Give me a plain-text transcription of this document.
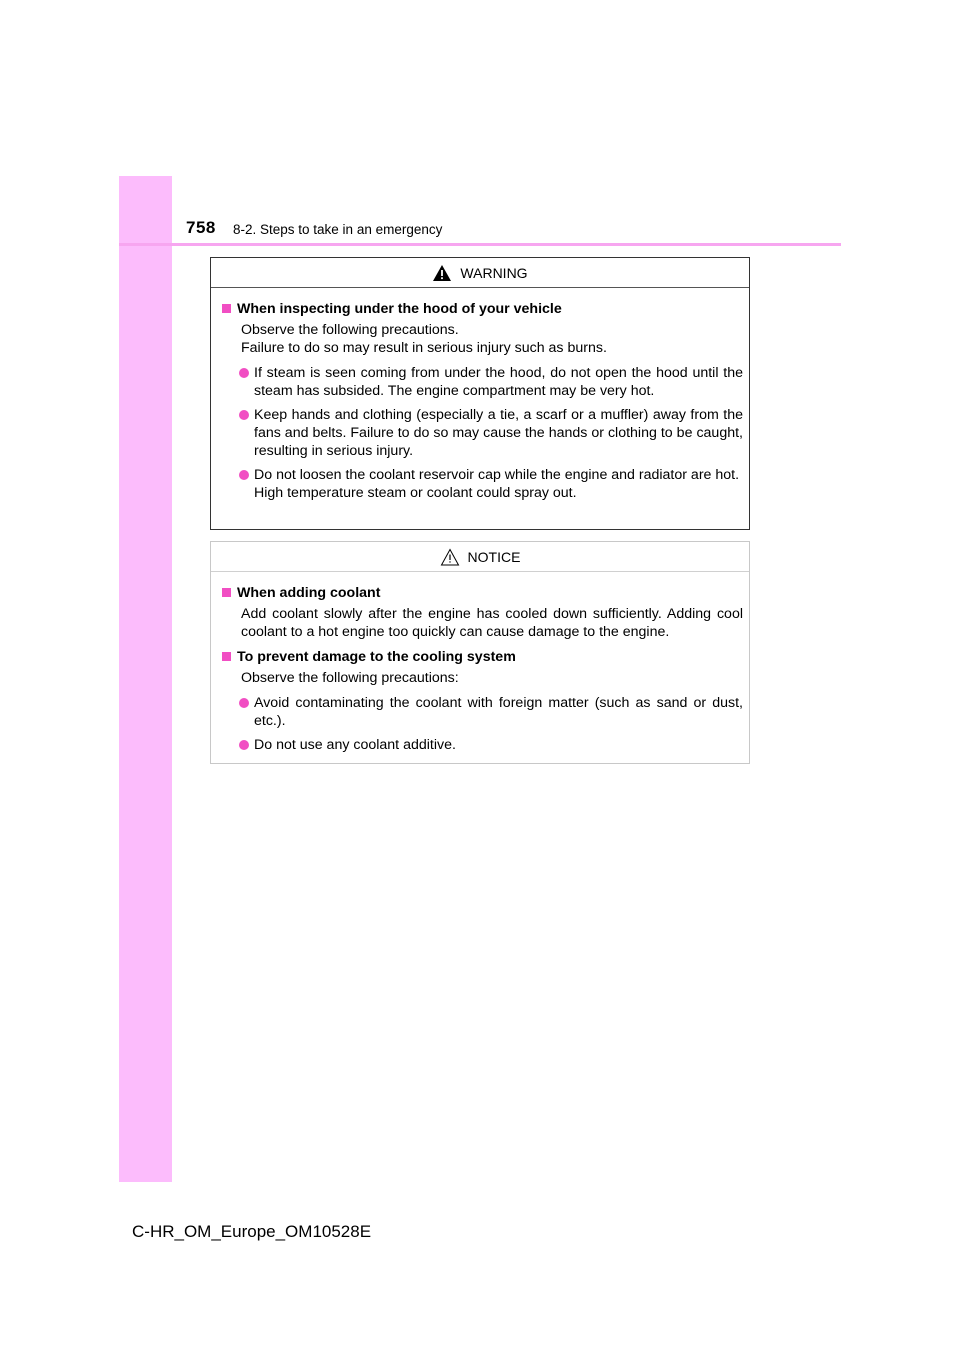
758 8-2. Steps to take in an emergency
WARNING
When inspecting under the hood of your vehicle
Observe the following precautions.
Failure to do so may result in serious injury such as burns.
If steam is seen coming from under the hood, do not open the hood until the steam has subsided. The engine compartment may be very hot.
Keep hands and clothing (especially a tie, a scarf or a muffler) away from the fans and belts. Failure to do so may cause the hands or clothing to be caught, resulting in serious injury.
Do not loosen the coolant reservoir cap while the engine and radiator are hot.
High temperature steam or coolant could spray out.
NOTICE
When adding coolant
Add coolant slowly after the engine has cooled down sufficiently. Adding cool coolant to a hot engine too quickly can cause damage to the engine.
To prevent damage to the cooling system
Observe the following precautions:
Avoid contaminating the coolant with foreign matter (such as sand or dust, etc.).
Do not use any coolant additive.
C-HR_OM_Europe_OM10528E
